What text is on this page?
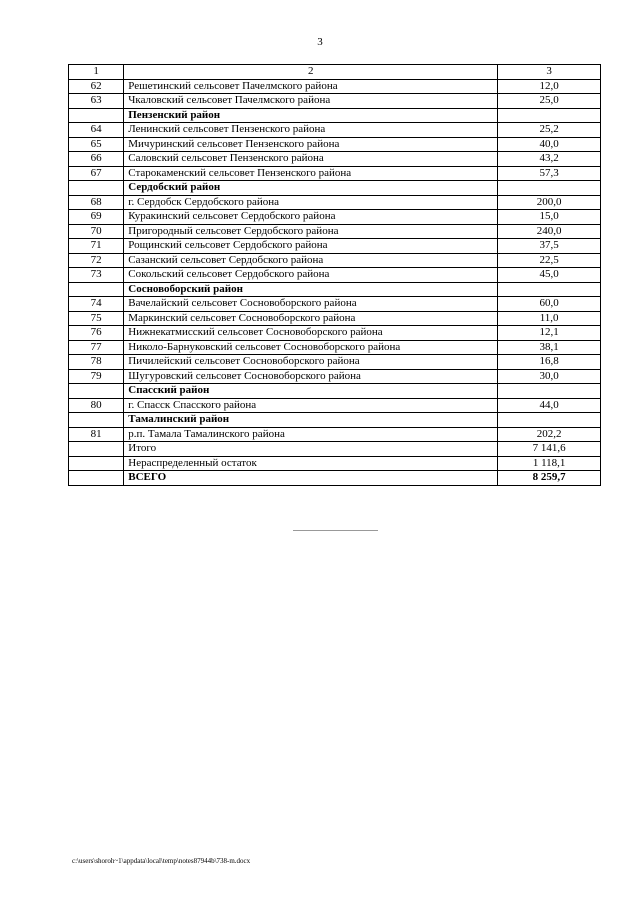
3
1	2	3
62	Решетинский сельсовет Пачелмского района	12,0
63	Чкаловский сельсовет Пачелмского района	25,0
	Пензенский район	
64	Ленинский сельсовет Пензенского района	25,2
65	Мичуринский сельсовет Пензенского района	40,0
66	Саловский сельсовет Пензенского района	43,2
67	Старокаменский сельсовет Пензенского района	57,3
	Сердобский район	
68	г. Сердобск Сердобского района	200,0
69	Куракинский сельсовет Сердобского района	15,0
70	Пригородный сельсовет Сердобского района	240,0
71	Рощинский сельсовет Сердобского района	37,5
72	Сазанский сельсовет Сердобского района	22,5
73	Сокольский сельсовет Сердобского района	45,0
	Сосновоборский район	
74	Вачелайский сельсовет Сосновоборского района	60,0
75	Маркинский сельсовет Сосновоборского района	11,0
76	Нижнекатмисский сельсовет Сосновоборского района	12,1
77	Николо-Барнуковский сельсовет Сосновоборского района	38,1
78	Пичилейский сельсовет Сосновоборского района	16,8
79	Шугуровский сельсовет Сосновоборского района	30,0
	Спасский район	
80	г. Спасск Спасского района	44,0
	Тамалинский район	
81	р.п. Тамала Тамалинского района	202,2
	Итого	7 141,6
	Нераспределенный остаток	1 118,1
	ВСЕГО	8 259,7
c:\users\shoroh~1\appdata\local\temp\notes87944b\738-m.docx
